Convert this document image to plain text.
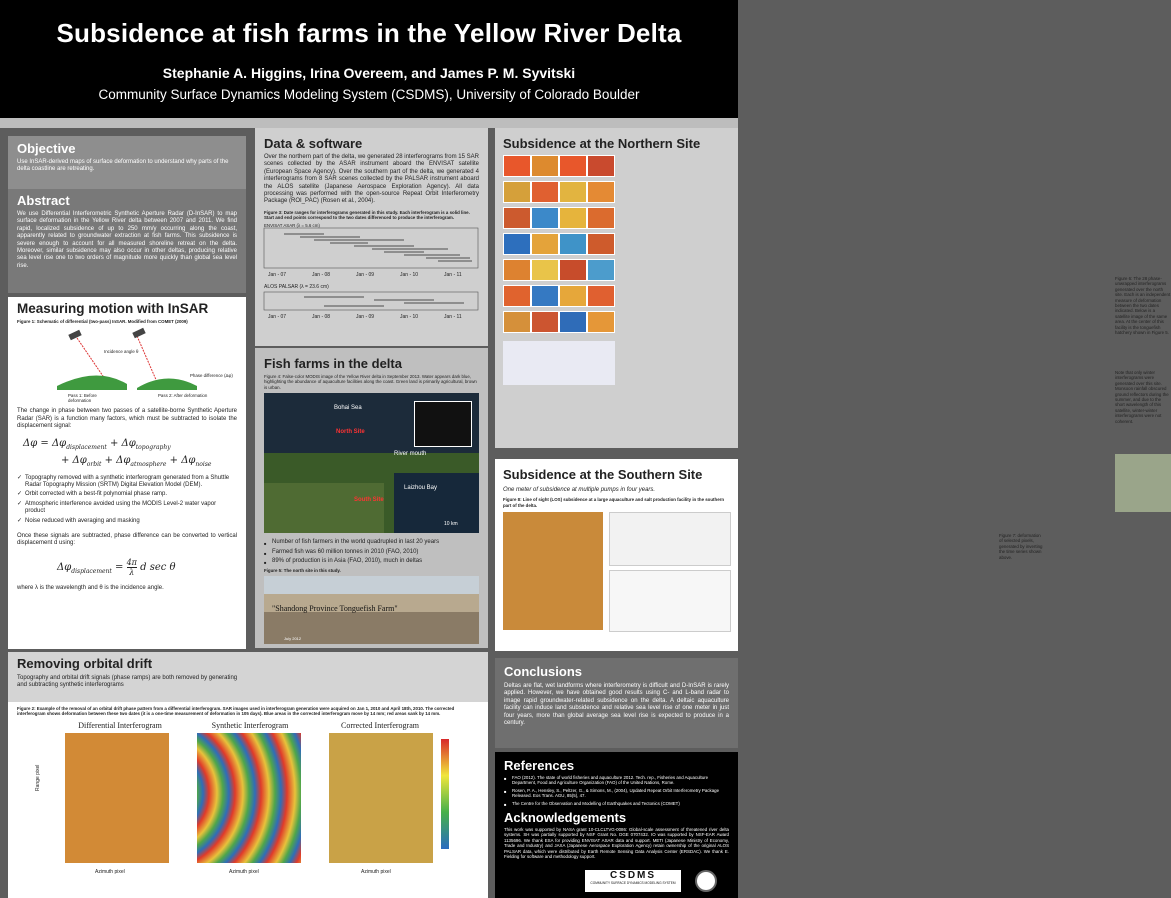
Subsidence at fish farms in the Yellow River Delta
Stephanie A. Higgins, Irina Overeem, and James P. M. Syvitski
Community Surface Dynamics Modeling System (CSDMS), University of Colorado Boulder
Objective
Use InSAR-derived maps of surface deformation to understand why parts of the delta coastline are retreating.
Abstract
We use Differential Interferometric Synthetic Aperture Radar (D-InSAR) to map surface deformation in the Yellow River delta between 2007 and 2011. We find rapid, localized subsidence of up to 250 mm/y occurring along the coast, apparently related to groundwater extraction at fish farms. This subsidence is severe enough to account for all measured shoreline retreat on the delta. Moreover, similar subsidence may also occur in other deltas, producing relative sea level rise one to two orders of magnitude more quickly than global sea level rise.
Measuring motion with InSAR
Figure 1: Schematic of differential (two-pass) InSAR. Modified from COMET (2009)
Incidence angle θ
Phase difference (Δφ)
Pass 1: Before deformation
Pass 2: After deformation
The change in phase between two passes of a satellite-borne Synthetic Aperture Radar (SAR) is a function many factors, which must be subtracted to isolate the displacement signal:
$\Delta\varphi = \Delta\varphi_{displacement} + \Delta\varphi_{topography}$
+ $\Delta\varphi_{orbit} + \Delta\varphi_{atmosphere} + \Delta\varphi_{noise}$
✓ Topography removed with a synthetic interferogram generated from a Shuttle Radar Topography Mission (SRTM) Digital Elevation Model (DEM).
✓ Orbit corrected with a best-fit polynomial phase ramp.
✓ Atmospheric interference avoided using the MODIS Level-2 water vapor product
✓ Noise reduced with averaging and masking
Once these signals are subtracted, phase difference can be converted to vertical displacement d using:
$\Delta\varphi_{displacement} = \frac{4\pi}{\lambda}$ d sec θ
where λ is the wavelength and θ is the incidence angle.
Data & software
Over the northern part of the delta, we generated 28 interferograms from 15 SAR scenes collected by the ASAR instrument aboard the ENVISAT satellite (European Space Agency). Over the southern part of the delta, we generated 4 interferograms from 8 SAR scenes collected by the PALSAR instrument aboard the ALOS satellite (Japanese Aerospace Exploration Agency). All data processing was performed with the open-source Repeat Orbit Interferometry Package (ROI_PAC) (Rosen et al., 2004).
Figure 3: Date ranges for interferograms generated in this study. Each interferogram is a solid line. Start and end points correspond to the two dates differenced to produce the interferogram.
ENVISAT ASAR (λ = 5.6 cm)
Jan - 07	Jan - 08	Jan - 09	Jan - 10	Jan - 11
ALOS PALSAR (λ = 23.6 cm)
Jan - 07	Jan - 08	Jan - 09	Jan - 10	Jan - 11
Fish farms in the delta
Figure 4: False-color MODIS image of the Yellow River delta in September 2013. Water appears dark blue, highlighting the abundance of aquaculture facilities along the coast. Green land is primarily agricultural, brown is urban.
Bohai Sea
North Site
River mouth
Laizhou Bay
South Site
10 km
■ Number of fish farmers in the world quadrupled in last 20 years
■ Farmed fish was 60 million tonnes in 2010 (FAO, 2010)
■ 89% of production is in Asia (FAO, 2010), much in deltas
Figure 5: The north site in this study.
"Shandong Province Tonguefish Farm"
July 2012
Subsidence at the Northern Site
Figure 6: The 28 phase-unwrapped interferograms generated over the north site. Each is an independent measure of deformation between the two dates indicated. Below is a satellite image of the same area. At the center of this facility is the tonguefish hatchery shown in Figure 5.
Note that only winter interferograms were generated over this site. Monsoon rainfall obscured ground reflectors during the summer, and due to the short wavelength of this satellite, winter-winter interferograms were not coherent.
Figure 7: deformation of selected pixels, generated by inverting the time series shown above.
Subsidence at the Southern Site
One meter of subsidence at multiple pumps in four years.
Figure 8: Line of sight (LOS) subsidence at a large aquaculture and salt production facility in the southern part of the delta.
Removing orbital drift
Topography and orbital drift signals (phase ramps) are both removed by generating and subtracting synthetic interferograms
Figure 2: Example of the removal of an orbital drift phase pattern from a differential interferogram. SAR images used in interferogram generation were acquired on Jan 1, 2010 and April 18th, 2010. The corrected interferogram shows deformation between these two dates (it is a one-time measurement of deformation in 105 days). Blue areas in the corrected interferogram move by 14 mm; red areas sank by 14 mm.
Differential Interferogram	Synthetic Interferogram	Corrected Interferogram
Range pixel
Azimuth pixel	Azimuth pixel	Azimuth pixel
Conclusions
Deltas are flat, wet landforms where interferometry is difficult and D-InSAR is rarely applied. However, we have obtained good results using C- and L-band radar to image rapid groundwater-related subsidence on the delta. A deltaic aquaculture facility can induce land subsidence and relative sea level rise of one meter in just four years, more than global average sea level rise is expected to produce in a century.
References
■ FAO (2012). The state of world fisheries and aquaculture 2012. Tech. rep., Fisheries and Aquaculture Department, Food and Agriculture Organization (FAO) of the United Nations, Rome.
■ Rosen, P. A., Hensley, S., Peltzer, G., & Simons, M., (2004), Updated Repeat Orbit Interferometry Package Released. Eos Trans. AGU, 85(5), 47.
■ The Centre for the Observation and Modelling of Earthquakes and Tectonics (COMET)
Acknowledgements
This work was supported by NASA grant 10-CLCLTVG-0086: Global-scale assessment of threatened river delta systems. SH was partially supported by NSF Grant No. DGE 0707432. IO was supported by NSF-EAR Award 1135696. We thank ESA for providing ENVISAT ASAR data and support. METI (Japanese Ministry of Economy, Trade and Industry) and JAXA (Japanese Aerospace Exploration Agency) retain ownership of the original ALOS PALSAR data, which were distributed by Earth Remote Sensing Data Analysis Center (ERSDAC). We thank E. Fielding for software and methodology support.
CSDMS
COMMUNITY SURFACE DYNAMICS MODELING SYSTEM
